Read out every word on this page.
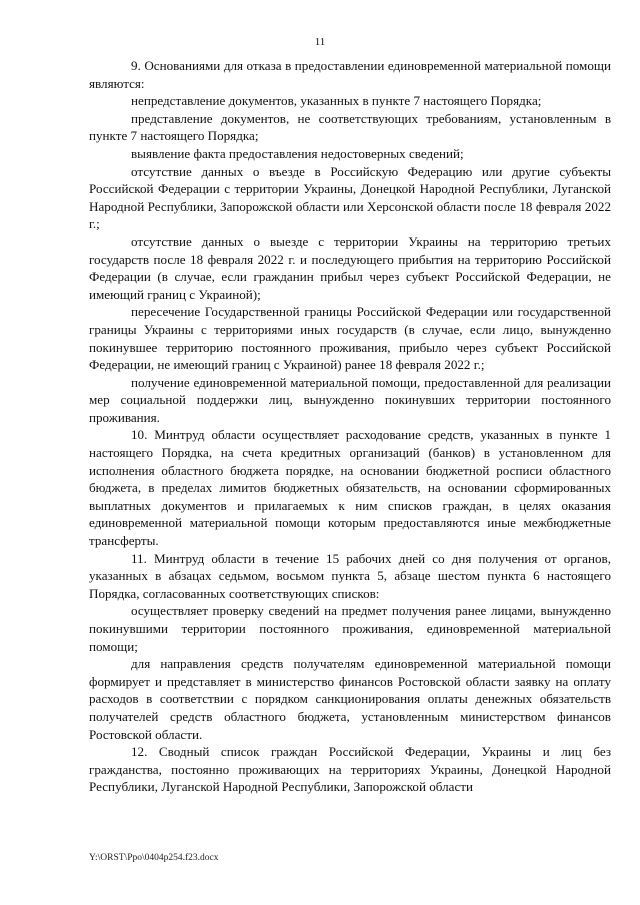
11

9. Основаниями для отказа в предоставлении единовременной материальной помощи являются:

непредставление документов, указанных в пункте 7 настоящего Порядка;

представление документов, не соответствующих требованиям, установленным в пункте 7 настоящего Порядка;

выявление факта предоставления недостоверных сведений;

отсутствие данных о въезде в Российскую Федерацию или другие субъекты Российской Федерации с территории Украины, Донецкой Народной Республики, Луганской Народной Республики, Запорожской области или Херсонской области после 18 февраля 2022 г.;

отсутствие данных о выезде с территории Украины на территорию третьих государств после 18 февраля 2022 г. и последующего прибытия на территорию Российской Федерации (в случае, если гражданин прибыл через субъект Российской Федерации, не имеющий границ с Украиной);

пересечение Государственной границы Российской Федерации или государственной границы Украины с территориями иных государств (в случае, если лицо, вынужденно покинувшее территорию постоянного проживания, прибыло через субъект Российской Федерации, не имеющий границ с Украиной) ранее 18 февраля 2022 г.;

получение единовременной материальной помощи, предоставленной для реализации мер социальной поддержки лиц, вынужденно покинувших территории постоянного проживания.

10. Минтруд области осуществляет расходование средств, указанных в пункте 1 настоящего Порядка, на счета кредитных организаций (банков) в установленном для исполнения областного бюджета порядке, на основании бюджетной росписи областного бюджета, в пределах лимитов бюджетных обязательств, на основании сформированных выплатных документов и прилагаемых к ним списков граждан, в целях оказания единовременной материальной помощи которым предоставляются иные межбюджетные трансферты.

11. Минтруд области в течение 15 рабочих дней со дня получения от органов, указанных в абзацах седьмом, восьмом пункта 5, абзаце шестом пункта 6 настоящего Порядка, согласованных соответствующих списков:

осуществляет проверку сведений на предмет получения ранее лицами, вынужденно покинувшими территории постоянного проживания, единовременной материальной помощи;

для направления средств получателям единовременной материальной помощи формирует и представляет в министерство финансов Ростовской области заявку на оплату расходов в соответствии с порядком санкционирования оплаты денежных обязательств получателей средств областного бюджета, установленным министерством финансов Ростовской области.

12. Сводный список граждан Российской Федерации, Украины и лиц без гражданства, постоянно проживающих на территориях Украины, Донецкой Народной Республики, Луганской Народной Республики, Запорожской области

Y:\ORST\Ppo\0404p254.f23.docx
